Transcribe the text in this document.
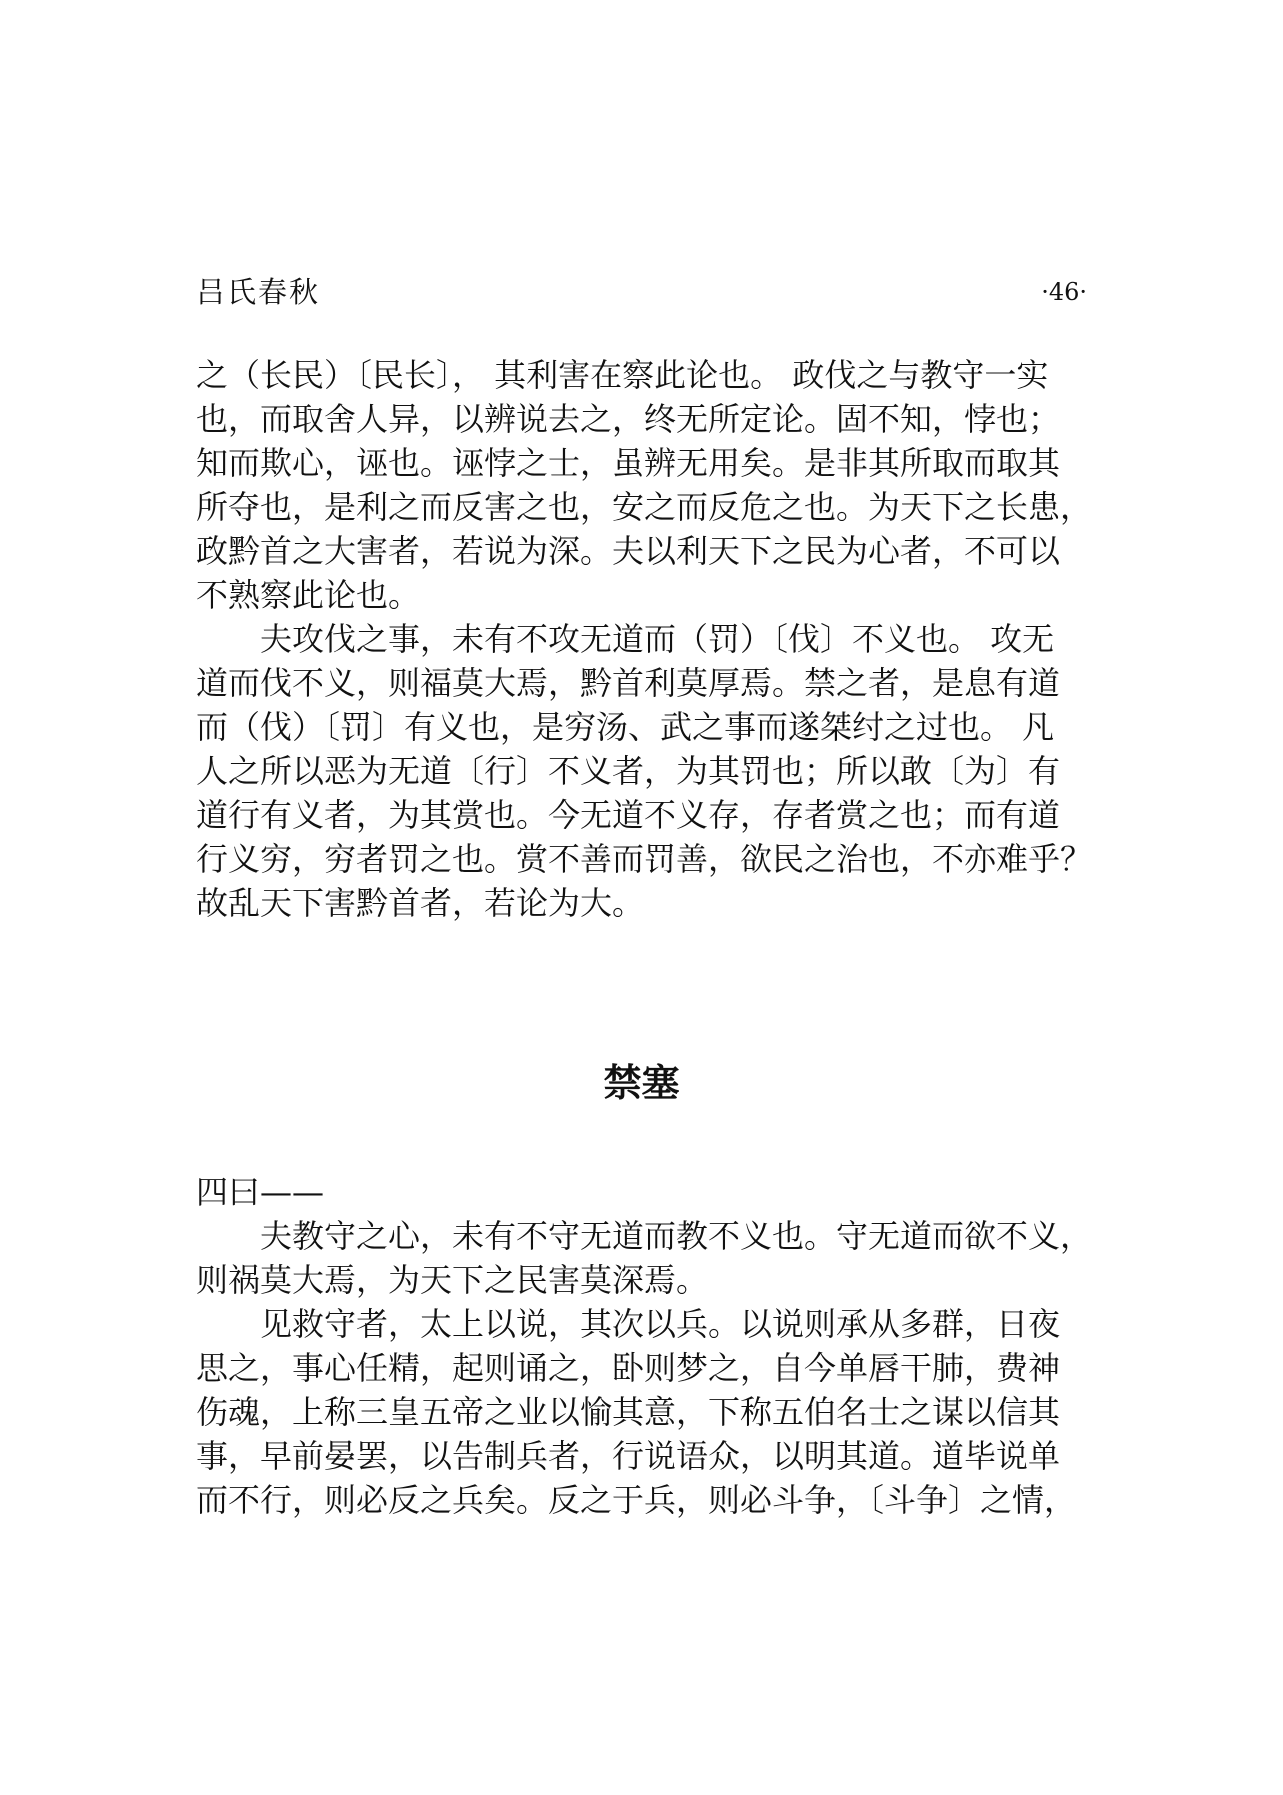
吕氏春秋	·46·
之（长民）〔民长〕， 其利害在察此论也。 政伐之与教守一实
也，而取舍人异，以辨说去之，终无所定论。固不知，悖也；
知而欺心，诬也。诬悖之士，虽辨无用矣。是非其所取而取其
所夺也，是利之而反害之也，安之而反危之也。为天下之长患，
政黔首之大害者，若说为深。夫以利天下之民为心者，不可以
不熟察此论也。
夫攻伐之事，未有不攻无道而（罚）〔伐〕不义也。 攻无
道而伐不义，则福莫大焉，黔首利莫厚焉。禁之者，是息有道
而（伐）〔罚〕有义也，是穷汤、武之事而遂桀纣之过也。 凡
人之所以恶为无道〔行〕不义者，为其罚也；所以敢〔为〕有
道行有义者，为其赏也。今无道不义存，存者赏之也；而有道
行义穷，穷者罚之也。赏不善而罚善，欲民之治也，不亦难乎？
故乱天下害黔首者，若论为大。
禁塞
四曰——
夫教守之心，未有不守无道而教不义也。守无道而欲不义，
则祸莫大焉，为天下之民害莫深焉。
见救守者，太上以说，其次以兵。以说则承从多群，日夜
思之，事心任精，起则诵之，卧则梦之，自今单唇干肺，费神
伤魂，上称三皇五帝之业以愉其意，下称五伯名士之谋以信其
事，早前晏罢，以告制兵者，行说语众，以明其道。道毕说单
而不行，则必反之兵矣。反之于兵，则必斗争，〔斗争〕之情，
